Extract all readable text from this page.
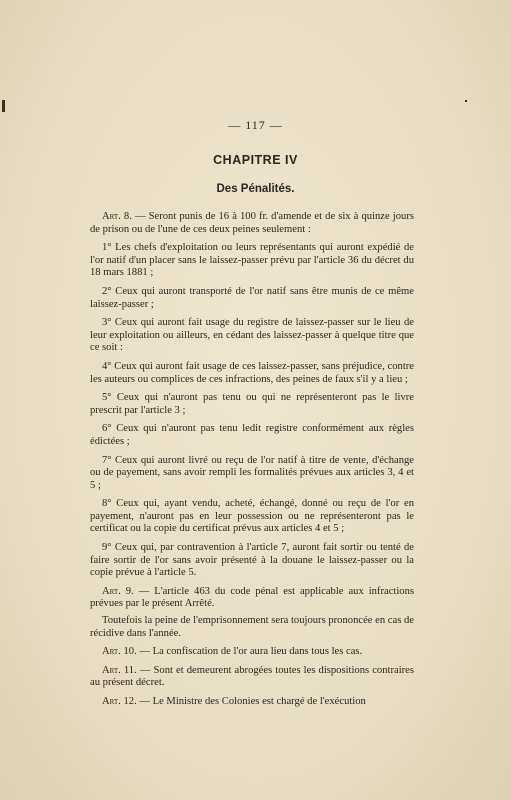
— 117 —
CHAPITRE IV
Des Pénalités.

Art. 8. — Seront punis de 16 à 100 fr. d'amende et de six à quinze jours de prison ou de l'une de ces deux peines seulement :

1° Les chefs d'exploitation ou leurs représentants qui auront expédié de l'or natif d'un placer sans le laissez-passer prévu par l'article 36 du décret du 18 mars 1881 ;

2° Ceux qui auront transporté de l'or natif sans être munis de ce même laissez-passer ;

3° Ceux qui auront fait usage du registre de laissez-passer sur le lieu de leur exploitation ou ailleurs, en cédant des laissez-passer à quelque titre que ce soit :

4° Ceux qui auront fait usage de ces laissez-passer, sans préjudice, contre les auteurs ou complices de ces infractions, des peines de faux s'il y a lieu ;

5° Ceux qui n'auront pas tenu ou qui ne représenteront pas le livre prescrit par l'article 3 ;

6° Ceux qui n'auront pas tenu ledit registre conformément aux règles édictées ;

7° Ceux qui auront livré ou reçu de l'or natif à titre de vente, d'échange ou de payement, sans avoir rempli les formalités prévues aux articles 3, 4 et 5 ;

8° Ceux qui, ayant vendu, acheté, échangé, donné ou reçu de l'or en payement, n'auront pas en leur possession ou ne représenteront pas le certificat ou la copie du certificat prévus aux articles 4 et 5 ;

9° Ceux qui, par contravention à l'article 7, auront fait sortir ou tenté de faire sortir de l'or sans avoir présenté à la douane le laissez-passer ou la copie prévue à l'article 5.

Art. 9. — L'article 463 du code pénal est applicable aux infractions prévues par le présent Arrêté.

Toutefois la peine de l'emprisonnement sera toujours prononcée en cas de récidive dans l'année.

Art. 10. — La confiscation de l'or aura lieu dans tous les cas.

Art. 11. — Sont et demeurent abrogées toutes les dispositions contraires au présent décret.

Art. 12. — Le Ministre des Colonies est chargé de l'exécution
